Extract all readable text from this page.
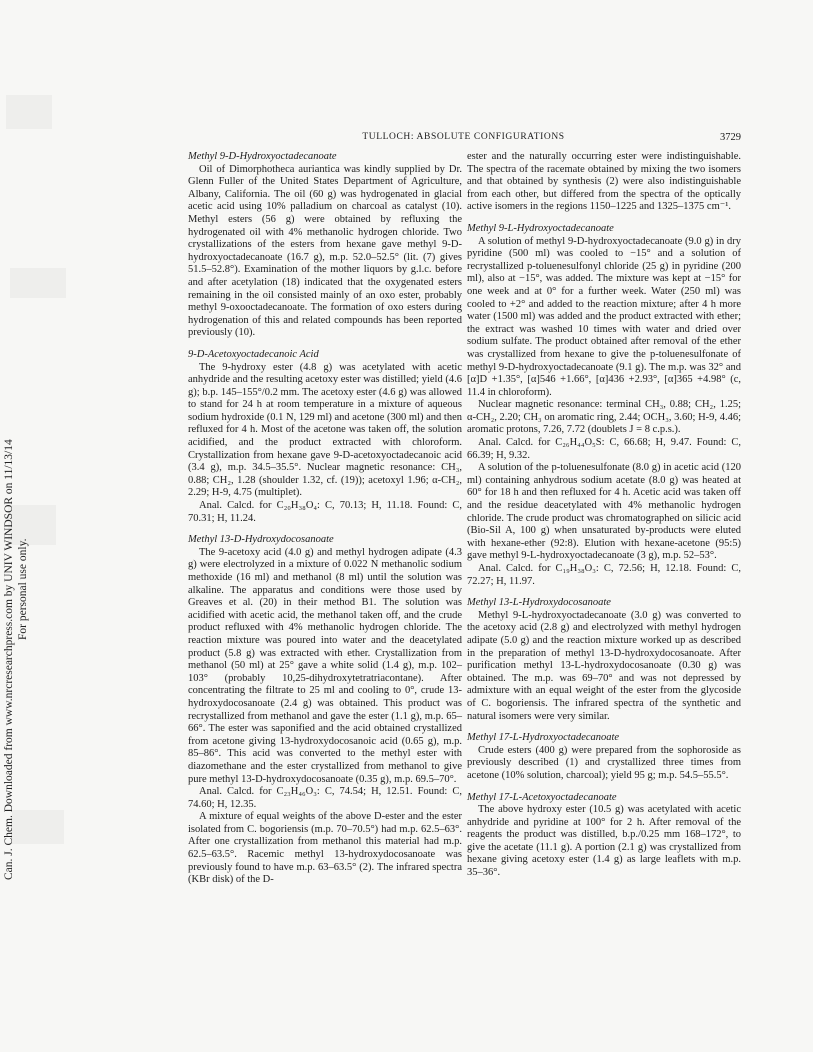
Can. J. Chem. Downloaded from www.nrcresearchpress.com by UNIV WINDSOR on 11/13/14 For personal use only.
TULLOCH: ABSOLUTE CONFIGURATIONS	3729

Methyl 9-D-Hydroxyoctadecanoate

Oil of Dimorphotheca auriantica was kindly supplied by Dr. Glenn Fuller of the United States Department of Agriculture, Albany, California. The oil (60 g) was hydrogenated in glacial acetic acid using 10% palladium on charcoal as catalyst (10). Methyl esters (56 g) were obtained by refluxing the hydrogenated oil with 4% methanolic hydrogen chloride. Two crystallizations of the esters from hexane gave methyl 9-D-hydroxyoctadecanoate (16.7 g), m.p. 52.0–52.5° (lit. (7) gives 51.5–52.8°). Examination of the mother liquors by g.l.c. before and after acetylation (18) indicated that the oxygenated esters remaining in the oil consisted mainly of an oxo ester, probably methyl 9-oxooctadecanoate. The formation of oxo esters during hydrogenation of this and related compounds has been reported previously (10).

9-D-Acetoxyoctadecanoic Acid

The 9-hydroxy ester (4.8 g) was acetylated with acetic anhydride and the resulting acetoxy ester was distilled; yield (4.6 g); b.p. 145–155°/0.2 mm. The acetoxy ester (4.6 g) was allowed to stand for 24 h at room temperature in a mixture of aqueous sodium hydroxide (0.1 N, 129 ml) and acetone (300 ml) and then refluxed for 4 h. Most of the acetone was taken off, the solution acidified, and the product extracted with chloroform. Crystallization from hexane gave 9-D-acetoxyoctadecanoic acid (3.4 g), m.p. 34.5–35.5°. Nuclear magnetic resonance: CH₃, 0.88; CH₂, 1.28 (shoulder 1.32, cf. (19)); acetoxyl 1.96; α-CH₂, 2.29; H-9, 4.75 (multiplet).

Anal. Calcd. for C₂₀H₃₈O₄: C, 70.13; H, 11.18. Found: C, 70.31; H, 11.24.

Methyl 13-D-Hydroxydocosanoate

The 9-acetoxy acid (4.0 g) and methyl hydrogen adipate (4.3 g) were electrolyzed in a mixture of 0.022 N methanolic sodium methoxide (16 ml) and methanol (8 ml) until the solution was alkaline. The apparatus and conditions were those used by Greaves et al. (20) in their method B1. The solution was acidified with acetic acid, the methanol taken off, and the crude product refluxed with 4% methanolic hydrogen chloride. The reaction mixture was poured into water and the deacetylated product (5.8 g) was extracted with ether. Crystallization from methanol (50 ml) at 25° gave a white solid (1.4 g), m.p. 102–103° (probably 10,25-dihydroxytetratriacontane). After concentrating the filtrate to 25 ml and cooling to 0°, crude 13-hydroxydocosanoate (2.4 g) was obtained. This product was recrystallized from methanol and gave the ester (1.1 g), m.p. 65–66°. The ester was saponified and the acid obtained crystallized from acetone giving 13-hydroxydocosanoic acid (0.65 g), m.p. 85–86°. This acid was converted to the methyl ester with diazomethane and the ester crystallized from methanol to give pure methyl 13-D-hydroxydocosanoate (0.35 g), m.p. 69.5–70°.

Anal. Calcd. for C₂₃H₄₆O₃: C, 74.54; H, 12.51. Found: C, 74.60; H, 12.35.

A mixture of equal weights of the above D-ester and the ester isolated from C. bogoriensis (m.p. 70–70.5°) had m.p. 62.5–63°. After one crystallization from methanol this material had m.p. 62.5–63.5°. Racemic methyl 13-hydroxydocosanoate was previously found to have m.p. 63–63.5° (2). The infrared spectra (KBr disk) of the D-

ester and the naturally occurring ester were indistinguishable. The spectra of the racemate obtained by mixing the two isomers and that obtained by synthesis (2) were also indistinguishable from each other, but differed from the spectra of the optically active isomers in the regions 1150–1225 and 1325–1375 cm⁻¹.

Methyl 9-L-Hydroxyoctadecanoate

A solution of methyl 9-D-hydroxyoctadecanoate (9.0 g) in dry pyridine (500 ml) was cooled to −15° and a solution of recrystallized p-toluenesulfonyl chloride (25 g) in pyridine (200 ml), also at −15°, was added. The mixture was kept at −15° for one week and at 0° for a further week. Water (250 ml) was cooled to +2° and added to the reaction mixture; after 4 h more water (1500 ml) was added and the product extracted with ether; the extract was washed 10 times with water and dried over sodium sulfate. The product obtained after removal of the ether was crystallized from hexane to give the p-toluenesulfonate of methyl 9-D-hydroxyoctadecanoate (9.1 g). The m.p. was 32° and [α]D +1.35°, [α]546 +1.66°, [α]436 +2.93°, [α]365 +4.98° (c, 11.4 in chloroform).

Nuclear magnetic resonance: terminal CH₃, 0.88; CH₂, 1.25; α-CH₂, 2.20; CH₃ on aromatic ring, 2.44; OCH₃, 3.60; H-9, 4.46; aromatic protons, 7.26, 7.72 (doublets J = 8 c.p.s.).

Anal. Calcd. for C₂₆H₄₄O₅S: C, 66.68; H, 9.47. Found: C, 66.39; H, 9.32.

A solution of the p-toluenesulfonate (8.0 g) in acetic acid (120 ml) containing anhydrous sodium acetate (8.0 g) was heated at 60° for 18 h and then refluxed for 4 h. Acetic acid was taken off and the residue deacetylated with 4% methanolic hydrogen chloride. The crude product was chromatographed on silicic acid (Bio-Sil A, 100 g) when unsaturated by-products were eluted with hexane-ether (92:8). Elution with hexane-acetone (95:5) gave methyl 9-L-hydroxyoctadecanoate (3 g), m.p. 52–53°.

Anal. Calcd. for C₁₉H₃₈O₃: C, 72.56; H, 12.18. Found: C, 72.27; H, 11.97.

Methyl 13-L-Hydroxydocosanoate

Methyl 9-L-hydroxyoctadecanoate (3.0 g) was converted to the acetoxy acid (2.8 g) and electrolyzed with methyl hydrogen adipate (5.0 g) and the reaction mixture worked up as described in the preparation of methyl 13-D-hydroxydocosanoate. After purification methyl 13-L-hydroxydocosanoate (0.30 g) was obtained. The m.p. was 69–70° and was not depressed by admixture with an equal weight of the ester from the glycoside of C. bogoriensis. The infrared spectra of the synthetic and natural isomers were very similar.

Methyl 17-L-Hydroxyoctadecanoate

Crude esters (400 g) were prepared from the sophoroside as previously described (1) and crystallized three times from acetone (10% solution, charcoal); yield 95 g; m.p. 54.5–55.5°.

Methyl 17-L-Acetoxyoctadecanoate

The above hydroxy ester (10.5 g) was acetylated with acetic anhydride and pyridine at 100° for 2 h. After removal of the reagents the product was distilled, b.p./0.25 mm 168–172°, to give the acetate (11.1 g). A portion (2.1 g) was crystallized from hexane giving acetoxy ester (1.4 g) as large leaflets with m.p. 35–36°.
